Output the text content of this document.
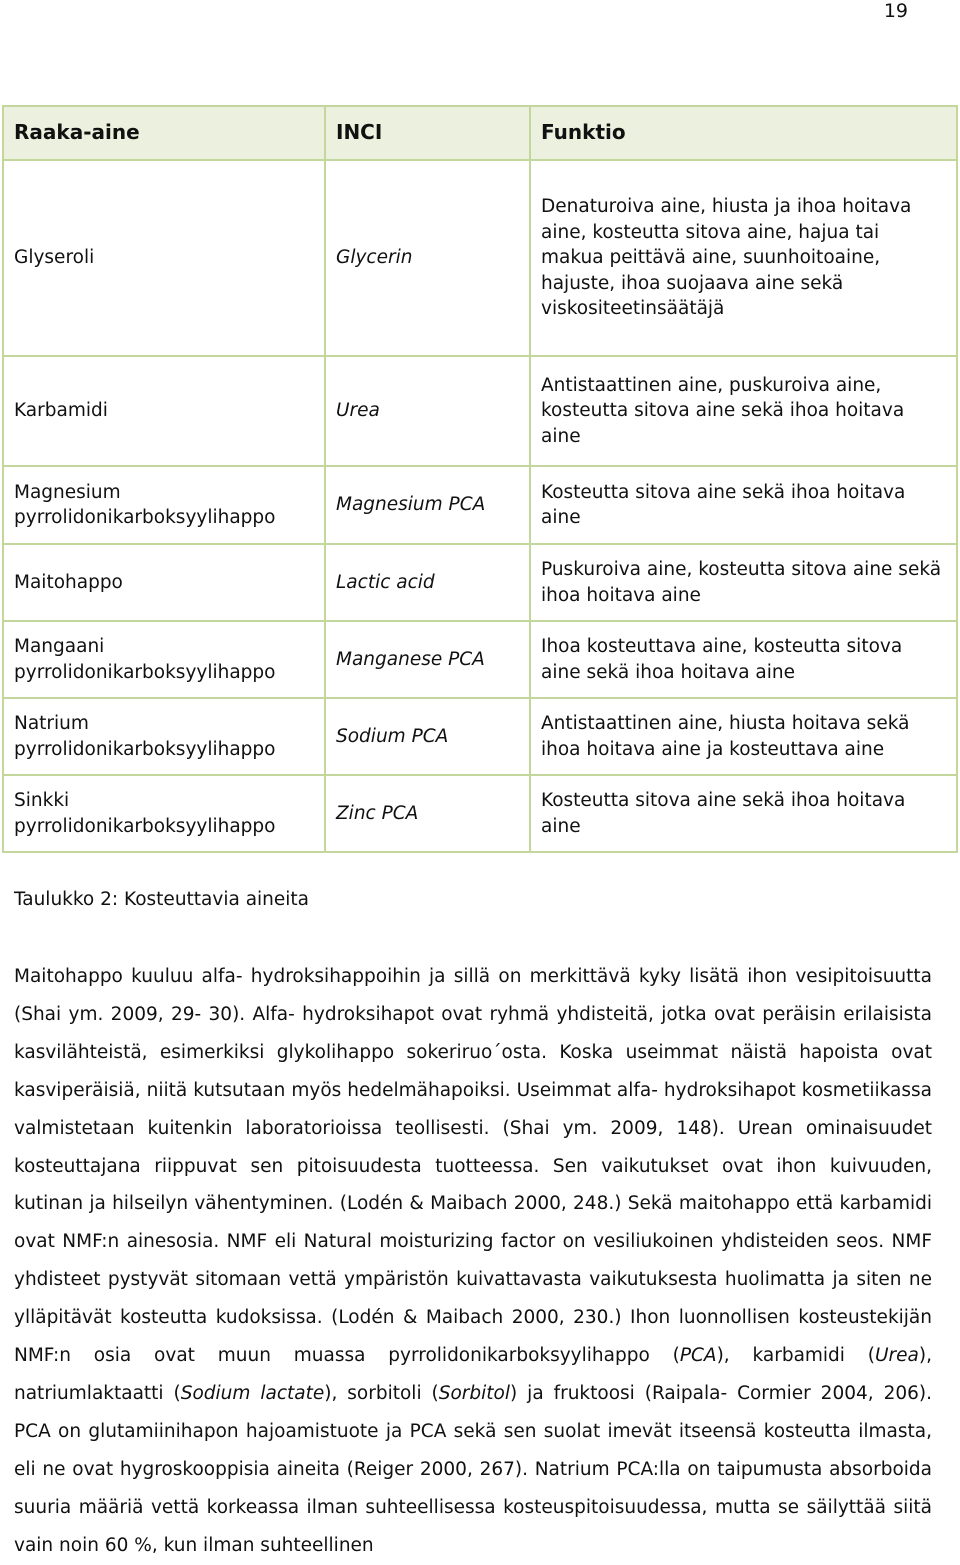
19
Raaka-aine	INCI	Funktio
Glyseroli	Glycerin	Denaturoiva aine, hiusta ja ihoa hoitava aine, kosteutta sitova aine, hajua tai makua peittävä aine, suunhoitoaine, hajuste, ihoa suojaava aine sekä viskositeetinsäätäjä
Karbamidi	Urea	Antistaattinen aine, puskuroiva aine, kosteutta sitova aine sekä ihoa hoitava aine
Magnesium pyrrolidonikarboksyylihappo	Magnesium PCA	Kosteutta sitova aine sekä ihoa hoitava aine
Maitohappo	Lactic acid	Puskuroiva aine, kosteutta sitova aine sekä ihoa hoitava aine
Mangaani pyrrolidonikarboksyylihappo	Manganese PCA	Ihoa kosteuttava aine, kosteutta sitova aine sekä ihoa hoitava aine
Natrium pyrrolidonikarboksyylihappo	Sodium PCA	Antistaattinen aine, hiusta hoitava sekä ihoa hoitava aine ja kosteuttava aine
Sinkki pyrrolidonikarboksyylihappo	Zinc PCA	Kosteutta sitova aine sekä ihoa hoitava aine
Taulukko 2: Kosteuttavia aineita

Maitohappo kuuluu alfa- hydroksihappoihin ja sillä on merkittävä kyky lisätä ihon vesipitoisuutta (Shai ym. 2009, 29- 30). Alfa- hydroksihapot ovat ryhmä yhdisteitä, jotka ovat peräisin erilaisista kasvilähteistä, esimerkiksi glykolihappo sokeriruo´osta. Koska useimmat näistä hapoista ovat kasviperäisiä, niitä kutsutaan myös hedelmähapoiksi. Useimmat alfa- hydroksihapot kosmetiikassa valmistetaan kuitenkin laboratorioissa teollisesti. (Shai ym. 2009, 148). Urean ominaisuudet kosteuttajana riippuvat sen pitoisuudesta tuotteessa. Sen vaikutukset ovat ihon kuivuuden, kutinan ja hilseilyn vähentyminen. (Lodén & Maibach 2000, 248.) Sekä maitohappo että karbamidi ovat NMF:n ainesosia. NMF eli Natural moisturizing factor on vesiliukoinen yhdisteiden seos. NMF yhdisteet pystyvät sitomaan vettä ympäristön kuivattavasta vaikutuksesta huolimatta ja siten ne ylläpitävät kosteutta kudoksissa. (Lodén & Maibach 2000, 230.) Ihon luonnollisen kosteustekijän NMF:n osia ovat muun muassa pyrrolidonikarboksyylihappo (PCA), karbamidi (Urea), natriumlaktaatti (Sodium lactate), sorbitoli (Sorbitol) ja fruktoosi (Raipala- Cormier 2004, 206). PCA on glutamiinihapon hajoamistuote ja PCA sekä sen suolat imevät itseensä kosteutta ilmasta, eli ne ovat hygroskooppisia aineita (Reiger 2000, 267). Natrium PCA:lla on taipumusta absorboida suuria määriä vettä korkeassa ilman suhteellisessa kosteuspitoisuudessa, mutta se säilyttää siitä vain noin 60 %, kun ilman suhteellinen
